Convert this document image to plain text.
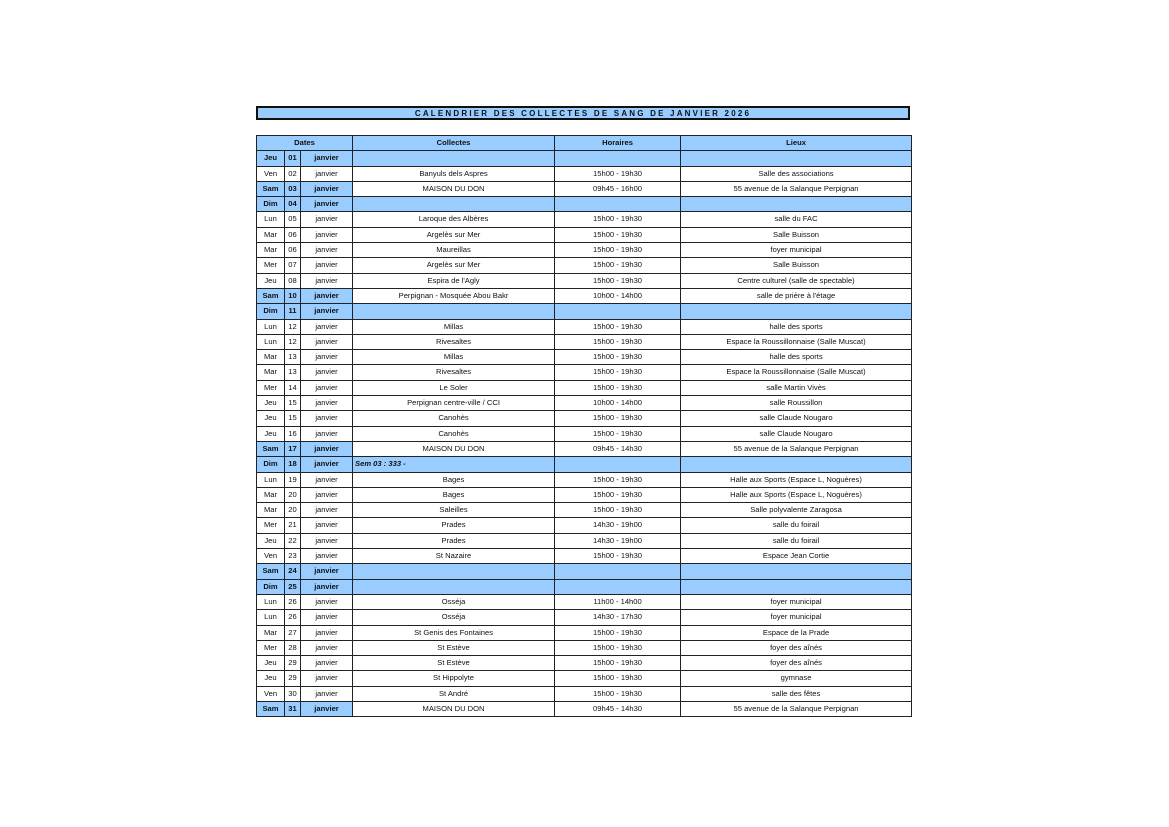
CALENDRIER DES COLLECTES DE SANG DE JANVIER 2026
Dates			Collectes	Horaires	Lieux
Jeu	01	janvier			
Ven	02	janvier	Banyuls dels Aspres	15h00 - 19h30	Salle des associations
Sam	03	janvier	MAISON DU DON	09h45 - 16h00	55 avenue de la Salanque Perpignan
Dim	04	janvier			
Lun	05	janvier	Laroque des Albères	15h00 - 19h30	salle du FAC
Mar	06	janvier	Argelès sur Mer	15h00 - 19h30	Salle Buisson
Mar	06	janvier	Maureillas	15h00 - 19h30	foyer municipal
Mer	07	janvier	Argelès sur Mer	15h00 - 19h30	Salle Buisson
Jeu	08	janvier	Espira de l'Agly	15h00 - 19h30	Centre culturel (salle de spectable)
Sam	10	janvier	Perpignan - Mosquée Abou Bakr	10h00 - 14h00	salle de prière à l'étage
Dim	11	janvier			
Lun	12	janvier	Millas	15h00 - 19h30	halle des sports
Lun	12	janvier	Rivesaltes	15h00 - 19h30	Espace la Roussillonnaise (Salle Muscat)
Mar	13	janvier	Millas	15h00 - 19h30	halle des sports
Mar	13	janvier	Rivesaltes	15h00 - 19h30	Espace la Roussillonnaise (Salle Muscat)
Mer	14	janvier	Le Soler	15h00 - 19h30	salle Martin Vivès
Jeu	15	janvier	Perpignan centre-ville / CCI	10h00 - 14h00	salle Roussillon
Jeu	15	janvier	Canohès	15h00 - 19h30	salle Claude Nougaro
Jeu	16	janvier	Canohès	15h00 - 19h30	salle Claude Nougaro
Sam	17	janvier	MAISON DU DON	09h45 - 14h30	55 avenue de la Salanque Perpignan
Dim	18	janvier	Sem 03 : 333 -		
Lun	19	janvier	Bages	15h00 - 19h30	Halle aux Sports (Espace L, Noguères)
Mar	20	janvier	Bages	15h00 - 19h30	Halle aux Sports (Espace L, Noguères)
Mar	20	janvier	Saleilles	15h00 - 19h30	Salle polyvalente Zaragosa
Mer	21	janvier	Prades	14h30 - 19h00	salle du foirail
Jeu	22	janvier	Prades	14h30 - 19h00	salle du foirail
Ven	23	janvier	St Nazaire	15h00 - 19h30	Espace Jean Cortie
Sam	24	janvier			
Dim	25	janvier			
Lun	26	janvier	Osséja	11h00 - 14h00	foyer municipal
Lun	26	janvier	Osséja	14h30 - 17h30	foyer municipal
Mar	27	janvier	St Genis des Fontaines	15h00 - 19h30	Espace de la Prade
Mer	28	janvier	St Estève	15h00 - 19h30	foyer des aînés
Jeu	29	janvier	St Estève	15h00 - 19h30	foyer des aînés
Jeu	29	janvier	St Hippolyte	15h00 - 19h30	gymnase
Ven	30	janvier	St André	15h00 - 19h30	salle des fêtes
Sam	31	janvier	MAISON DU DON	09h45 - 14h30	55 avenue de la Salanque Perpignan
